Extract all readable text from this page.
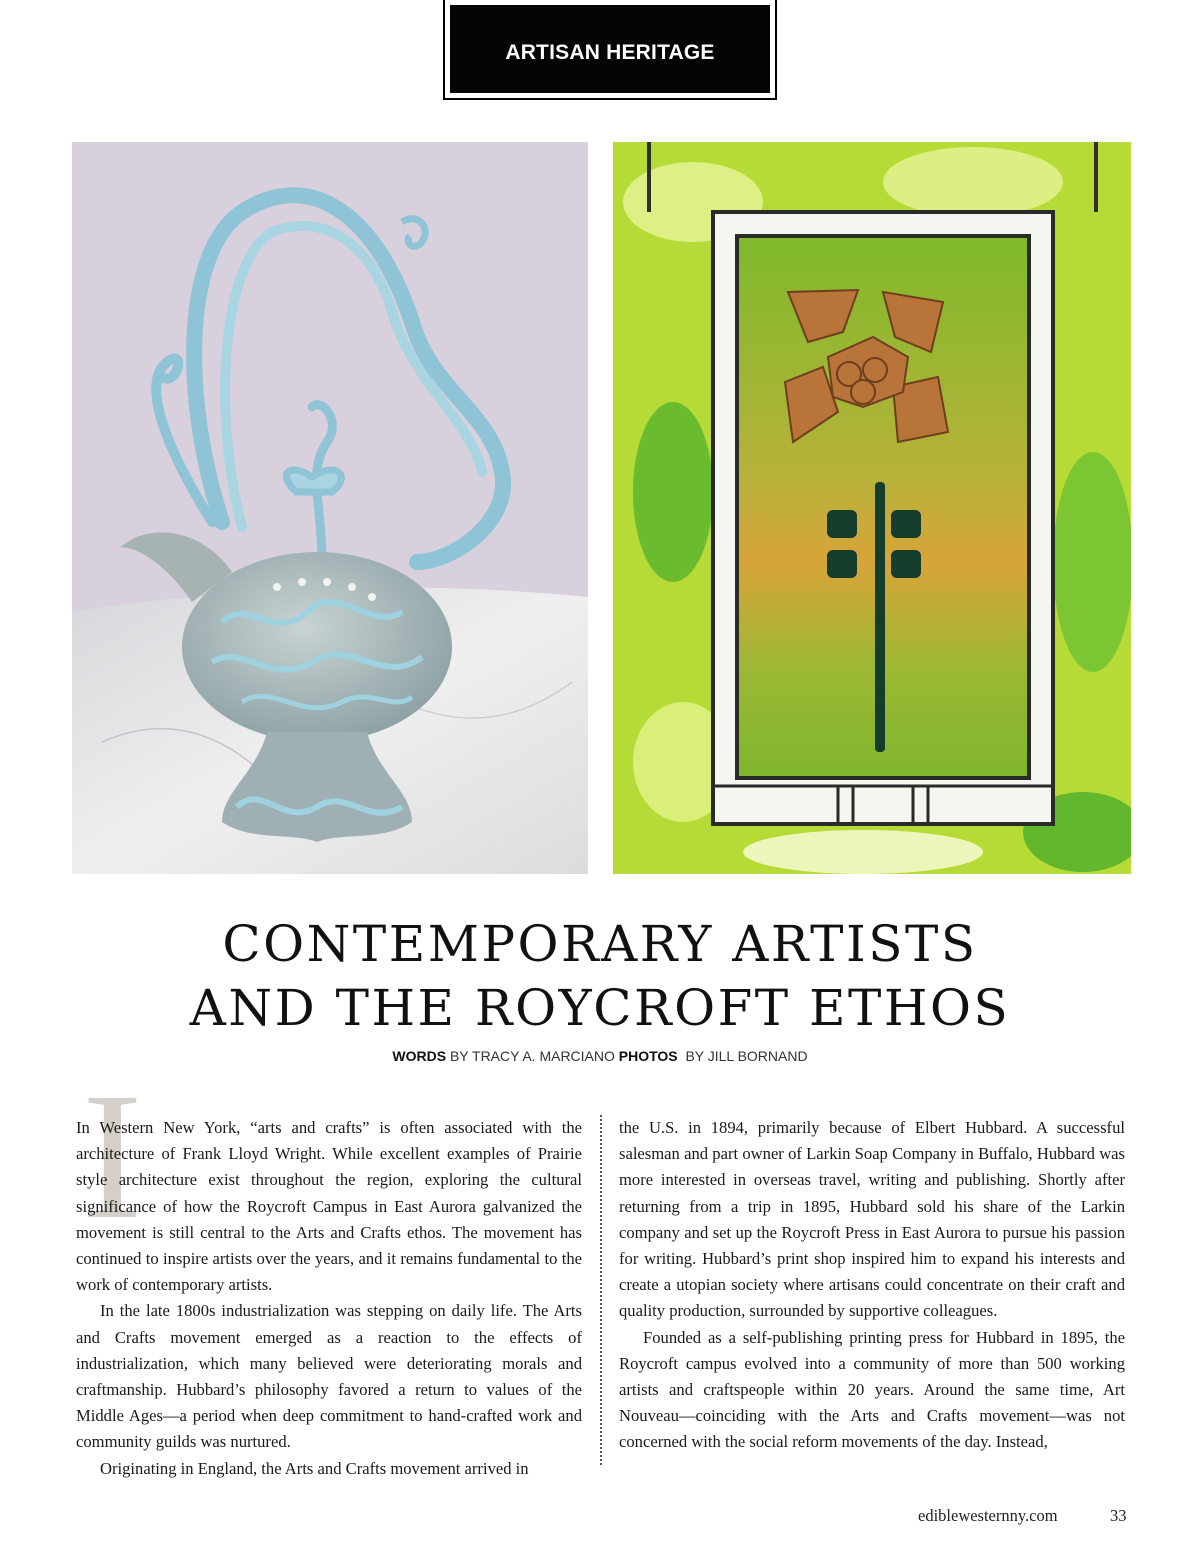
ARTISAN HERITAGE
CONTEMPORARY ARTISTS
AND THE ROYCROFT ETHOS
WORDS BY TRACY A. MARCIANO PHOTOS BY JILL BORNAND
I

In Western New York, “arts and crafts” is often associated with the architecture of Frank Lloyd Wright. While excellent examples of Prairie style architecture exist throughout the region, exploring the cultural significance of how the Roycroft Campus in East Aurora galvanized the movement is still central to the Arts and Crafts ethos. The movement has continued to inspire artists over the years, and it remains fundamental to the work of contemporary artists.

In the late 1800s industrialization was stepping on daily life. The Arts and Crafts movement emerged as a reaction to the effects of industrialization, which many believed were deteriorating morals and craftmanship. Hubbard’s philosophy favored a return to values of the Middle Ages—a period when deep commitment to hand-crafted work and community guilds was nurtured.

Originating in England, the Arts and Crafts movement arrived in

the U.S. in 1894, primarily because of Elbert Hubbard. A successful salesman and part owner of Larkin Soap Company in Buffalo, Hubbard was more interested in overseas travel, writing and publishing. Shortly after returning from a trip in 1895, Hubbard sold his share of the Larkin company and set up the Roycroft Press in East Aurora to pursue his passion for writing. Hubbard’s print shop inspired him to expand his interests and create a utopian society where artisans could concentrate on their craft and quality production, surrounded by supportive colleagues.

Founded as a self-publishing printing press for Hubbard in 1895, the Roycroft campus evolved into a community of more than 500 working artists and craftspeople within 20 years. Around the same time, Art Nouveau—coinciding with the Arts and Crafts movement—was not concerned with the social reform movements of the day. Instead,

ediblewesternny.com	33
